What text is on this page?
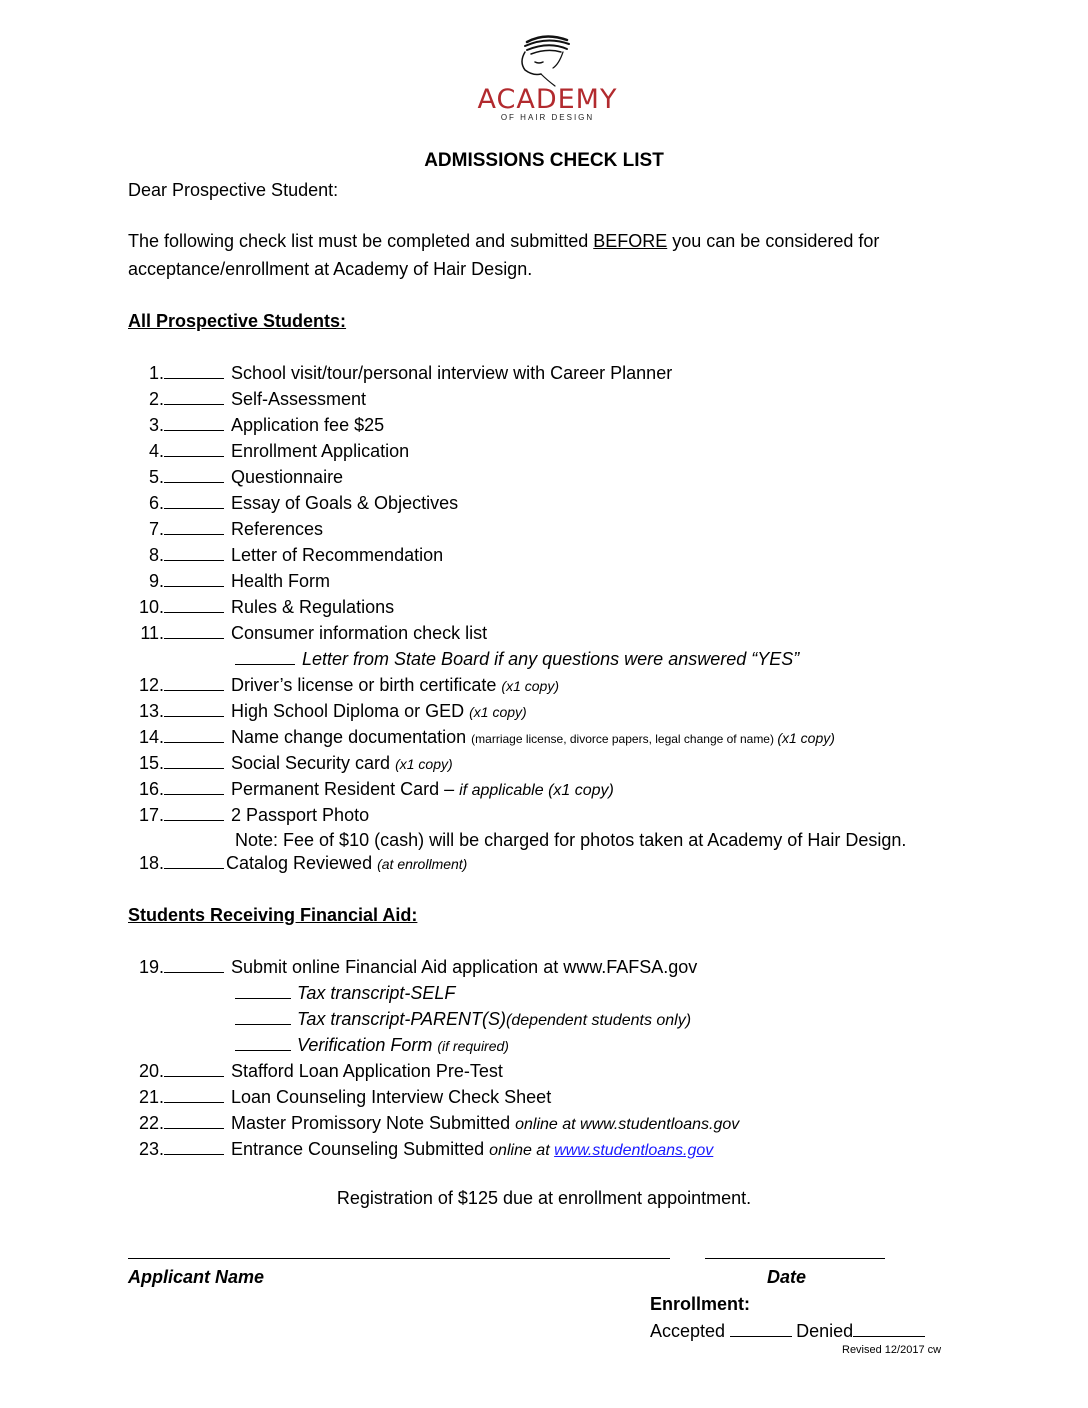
ACADEMY
OF HAIR DESIGN
ADMISSIONS CHECK LIST
Dear Prospective Student:
The following check list must be completed and submitted BEFORE you can be considered for
acceptance/enrollment at Academy of Hair Design.
All Prospective Students:
1.	School visit/tour/personal interview with Career Planner
2.	Self-Assessment
3.	Application fee $25
4.	Enrollment Application
5.	Questionnaire
6.	Essay of Goals & Objectives
7.	References
8.	Letter of Recommendation
9.	Health Form
10.	Rules & Regulations
11.	Consumer information check list
Letter from State Board if any questions were answered “YES”
12.	Driver’s license or birth certificate (x1 copy)
13.	High School Diploma or GED (x1 copy)
14.	Name change documentation (marriage license, divorce papers, legal change of name) (x1 copy)
15.	Social Security card (x1 copy)
16.	Permanent Resident Card – if applicable (x1 copy)
17.	2 Passport Photo
Note: Fee of $10 (cash) will be charged for photos taken at Academy of Hair Design.
18.	Catalog Reviewed (at enrollment)
Students Receiving Financial Aid:
19.	Submit online Financial Aid application at www.FAFSA.gov
Tax transcript-SELF
Tax transcript-PARENT(S)(dependent students only)
Verification Form (if required)
20.	Stafford Loan Application Pre-Test
21.	Loan Counseling Interview Check Sheet
22.	Master Promissory Note Submitted online at www.studentloans.gov
23.	Entrance Counseling Submitted online at www.studentloans.gov
Registration of $125 due at enrollment appointment.
Applicant Name	Date
Enrollment:
Accepted	Denied
Revised 12/2017 cw
